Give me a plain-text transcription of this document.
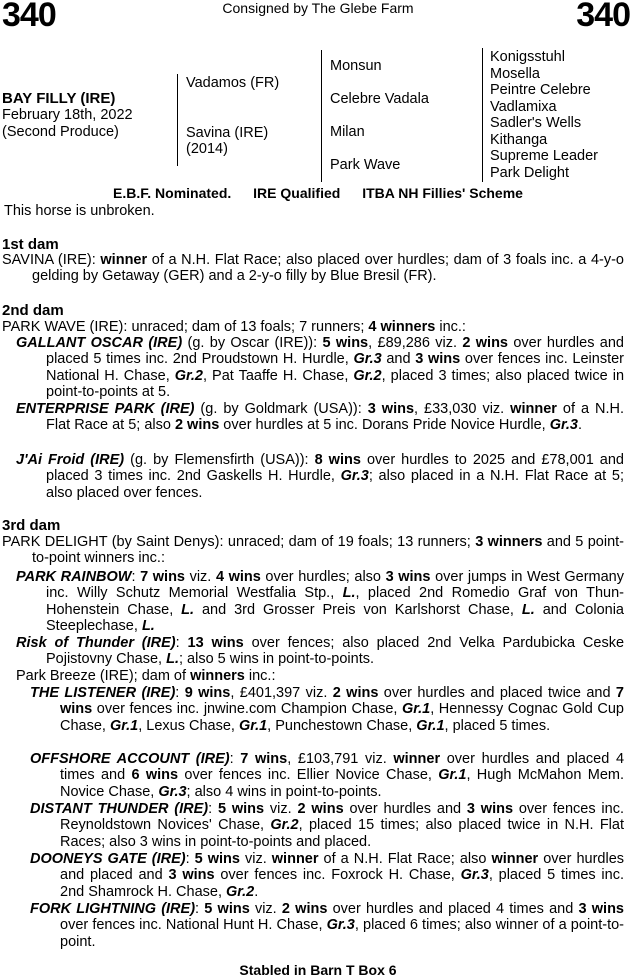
340	Consigned by The Glebe Farm	340
BAY FILLY (IRE)
February 18th, 2022
(Second Produce)
Vadamos (FR)
Savina (IRE)
(2014)
Monsun
Celebre Vadala
Milan
Park Wave
Konigsstuhl
Mosella
Peintre Celebre
Vadlamixa
Sadler's Wells
Kithanga
Supreme Leader
Park Delight
E.B.F. Nominated. IRE Qualified ITBA NH Fillies' Scheme
This horse is unbroken.
1st dam

SAVINA (IRE): winner of a N.H. Flat Race; also placed over hurdles; dam of 3 foals inc. a 4-y-o gelding by Getaway (GER) and a 2-y-o filly by Blue Bresil (FR).

2nd dam

PARK WAVE (IRE): unraced; dam of 13 foals; 7 runners; 4 winners inc.:

GALLANT OSCAR (IRE) (g. by Oscar (IRE)): 5 wins, £89,286 viz. 2 wins over hurdles and placed 5 times inc. 2nd Proudstown H. Hurdle, Gr.3 and 3 wins over fences inc. Leinster National H. Chase, Gr.2, Pat Taaffe H. Chase, Gr.2, placed 3 times; also placed twice in point-to-points at 5.

ENTERPRISE PARK (IRE) (g. by Goldmark (USA)): 3 wins, £33,030 viz. winner of a N.H. Flat Race at 5; also 2 wins over hurdles at 5 inc. Dorans Pride Novice Hurdle, Gr.3.

J'Ai Froid (IRE) (g. by Flemensfirth (USA)): 8 wins over hurdles to 2025 and £78,001 and placed 3 times inc. 2nd Gaskells H. Hurdle, Gr.3; also placed in a N.H. Flat Race at 5; also placed over fences.

3rd dam

PARK DELIGHT (by Saint Denys): unraced; dam of 19 foals; 13 runners; 3 winners and 5 point-to-point winners inc.:

PARK RAINBOW: 7 wins viz. 4 wins over hurdles; also 3 wins over jumps in West Germany inc. Willy Schutz Memorial Westfalia Stp., L., placed 2nd Romedio Graf von Thun-Hohenstein Chase, L. and 3rd Grosser Preis von Karlshorst Chase, L. and Colonia Steeplechase, L.

Risk of Thunder (IRE): 13 wins over fences; also placed 2nd Velka Pardubicka Ceske Pojistovny Chase, L.; also 5 wins in point-to-points.

Park Breeze (IRE); dam of winners inc.:

THE LISTENER (IRE): 9 wins, £401,397 viz. 2 wins over hurdles and placed twice and 7 wins over fences inc. jnwine.com Champion Chase, Gr.1, Hennessy Cognac Gold Cup Chase, Gr.1, Lexus Chase, Gr.1, Punchestown Chase, Gr.1, placed 5 times.

OFFSHORE ACCOUNT (IRE): 7 wins, £103,791 viz. winner over hurdles and placed 4 times and 6 wins over fences inc. Ellier Novice Chase, Gr.1, Hugh McMahon Mem. Novice Chase, Gr.3; also 4 wins in point-to-points.

DISTANT THUNDER (IRE): 5 wins viz. 2 wins over hurdles and 3 wins over fences inc. Reynoldstown Novices' Chase, Gr.2, placed 15 times; also placed twice in N.H. Flat Races; also 3 wins in point-to-points and placed.

DOONEYS GATE (IRE): 5 wins viz. winner of a N.H. Flat Race; also winner over hurdles and placed and 3 wins over fences inc. Foxrock H. Chase, Gr.3, placed 5 times inc. 2nd Shamrock H. Chase, Gr.2.

FORK LIGHTNING (IRE): 5 wins viz. 2 wins over hurdles and placed 4 times and 3 wins over fences inc. National Hunt H. Chase, Gr.3, placed 6 times; also winner of a point-to-point.

Stabled in Barn T Box 6
